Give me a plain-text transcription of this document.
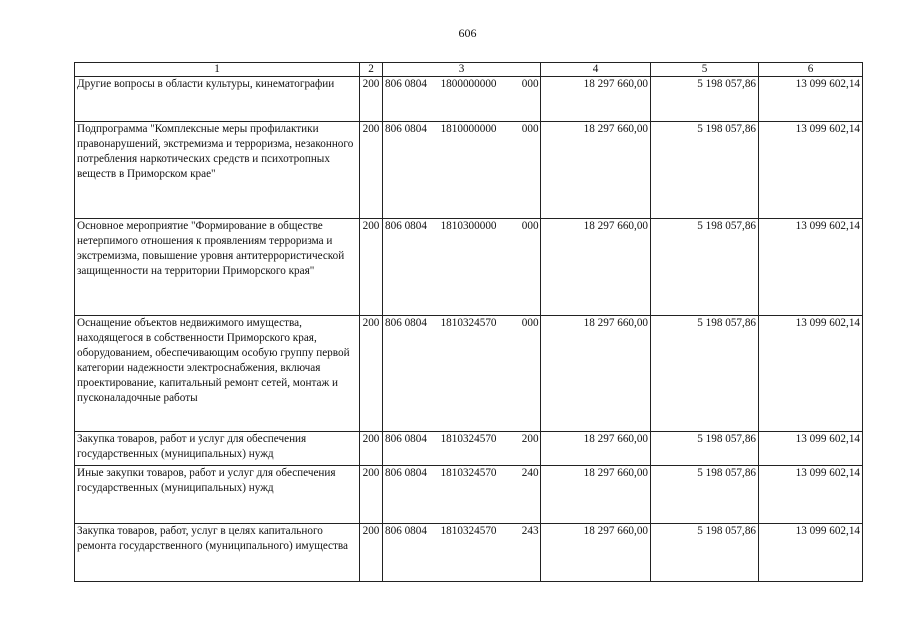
606
1	2	3	4	5	6
Другие вопросы в области культуры, кинематографии	200	806 0804 1800000000 000	18 297 660,00	5 198 057,86	13 099 602,14
Подпрограмма "Комплексные меры профилактики правонарушений, экстремизма и терроризма, незаконного потребления наркотических средств и психотропных веществ в Приморском крае"	200	806 0804 1810000000 000	18 297 660,00	5 198 057,86	13 099 602,14
Основное мероприятие "Формирование в обществе нетерпимого отношения к проявлениям терроризма и экстремизма, повышение уровня антитеррористической защищенности на территории Приморского края"	200	806 0804 1810300000 000	18 297 660,00	5 198 057,86	13 099 602,14
Оснащение объектов недвижимого имущества, находящегося в собственности Приморского края, оборудованием, обеспечивающим особую группу первой категории надежности электроснабжения, включая проектирование, капитальный ремонт сетей, монтаж и пусконаладочные работы	200	806 0804 1810324570 000	18 297 660,00	5 198 057,86	13 099 602,14
Закупка товаров, работ и услуг для обеспечения государственных (муниципальных) нужд	200	806 0804 1810324570 200	18 297 660,00	5 198 057,86	13 099 602,14
Иные закупки товаров, работ и услуг для обеспечения государственных (муниципальных) нужд	200	806 0804 1810324570 240	18 297 660,00	5 198 057,86	13 099 602,14
Закупка товаров, работ, услуг в целях капитального ремонта государственного (муниципального) имущества	200	806 0804 1810324570 243	18 297 660,00	5 198 057,86	13 099 602,14
